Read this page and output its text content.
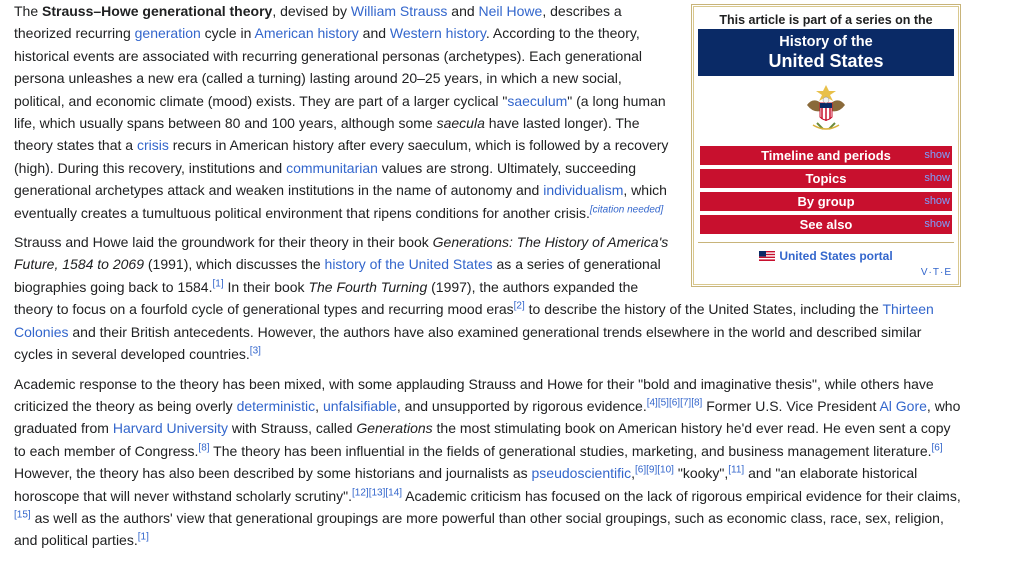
This article is part of a series on the
History of the
United States
Timeline and periods	show
Topics	show
By group	show
See also	show
United States portal
V·T·E

The Strauss–Howe generational theory, devised by William Strauss and Neil Howe, describes a theorized recurring generation cycle in American history and Western history. According to the theory, historical events are associated with recurring generational personas (archetypes). Each generational persona unleashes a new era (called a turning) lasting around 20–25 years, in which a new social, political, and economic climate (mood) exists. They are part of a larger cyclical "saeculum" (a long human life, which usually spans between 80 and 100 years, although some saecula have lasted longer). The theory states that a crisis recurs in American history after every saeculum, which is followed by a recovery (high). During this recovery, institutions and communitarian values are strong. Ultimately, succeeding generational archetypes attack and weaken institutions in the name of autonomy and individualism, which eventually creates a tumultuous political environment that ripens conditions for another crisis.[citation needed]

Strauss and Howe laid the groundwork for their theory in their book Generations: The History of America's Future, 1584 to 2069 (1991), which discusses the history of the United States as a series of generational biographies going back to 1584.[1] In their book The Fourth Turning (1997), the authors expanded the theory to focus on a fourfold cycle of generational types and recurring mood eras[2] to describe the history of the United States, including the Thirteen Colonies and their British antecedents. However, the authors have also examined generational trends elsewhere in the world and described similar cycles in several developed countries.[3]

Academic response to the theory has been mixed, with some applauding Strauss and Howe for their "bold and imaginative thesis", while others have criticized the theory as being overly deterministic, unfalsifiable, and unsupported by rigorous evidence.[4][5][6][7][8] Former U.S. Vice President Al Gore, who graduated from Harvard University with Strauss, called Generations the most stimulating book on American history he'd ever read. He even sent a copy to each member of Congress.[8] The theory has been influential in the fields of generational studies, marketing, and business management literature.[6] However, the theory has also been described by some historians and journalists as pseudoscientific,[6][9][10] "kooky",[11] and "an elaborate historical horoscope that will never withstand scholarly scrutiny".[12][13][14] Academic criticism has focused on the lack of rigorous empirical evidence for their claims,[15] as well as the authors' view that generational groupings are more powerful than other social groupings, such as economic class, race, sex, religion, and political parties.[1]
